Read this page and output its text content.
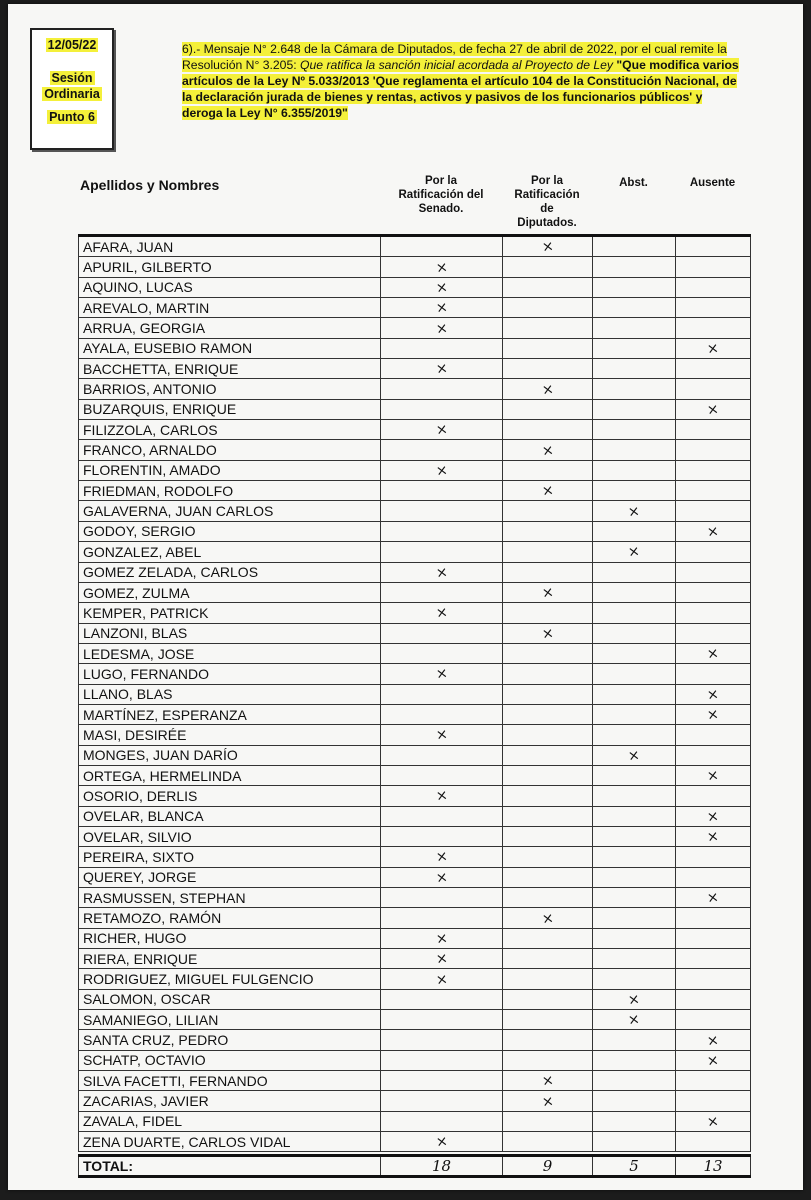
12/05/22
Sesión
Ordinaria
Punto 6
6).- Mensaje N° 2.648 de la Cámara de Diputados, de fecha 27 de abril de 2022, por el cual remite la Resolución N° 3.205: Que ratifica la sanción inicial acordada al Proyecto de Ley "Que modifica varios artículos de la Ley Nº 5.033/2013 'Que reglamenta el artículo 104 de la Constitución Nacional, de la declaración jurada de bienes y rentas, activos y pasivos de los funcionarios públicos' y deroga la Ley N° 6.355/2019"
Apellidos y Nombres	Por la
Ratificación del
Senado.
Por la
Ratificación
de
Diputados.
Abst.	Ausente
AFARA, JUAN		×		
APURIL, GILBERTO	×			
AQUINO, LUCAS	×			
AREVALO, MARTIN	×			
ARRUA, GEORGIA	×			
AYALA, EUSEBIO RAMON				×
BACCHETTA, ENRIQUE	×			
BARRIOS, ANTONIO		×		
BUZARQUIS, ENRIQUE				×
FILIZZOLA, CARLOS	×			
FRANCO, ARNALDO		×		
FLORENTIN, AMADO	×			
FRIEDMAN, RODOLFO		×		
GALAVERNA, JUAN CARLOS			×	
GODOY, SERGIO				×
GONZALEZ, ABEL			×	
GOMEZ ZELADA, CARLOS	×			
GOMEZ, ZULMA		×		
KEMPER, PATRICK	×			
LANZONI, BLAS		×		
LEDESMA, JOSE				×
LUGO, FERNANDO	×			
LLANO, BLAS				×
MARTÍNEZ, ESPERANZA				×
MASI, DESIRÉE	×			
MONGES, JUAN DARÍO			×	
ORTEGA, HERMELINDA				×
OSORIO, DERLIS	×			
OVELAR, BLANCA				×
OVELAR, SILVIO				×
PEREIRA, SIXTO	×			
QUEREY, JORGE	×			
RASMUSSEN, STEPHAN				×
RETAMOZO, RAMÓN		×		
RICHER, HUGO	×			
RIERA, ENRIQUE	×			
RODRIGUEZ, MIGUEL FULGENCIO	×			
SALOMON, OSCAR			×	
SAMANIEGO, LILIAN			×	
SANTA CRUZ, PEDRO				×
SCHATP, OCTAVIO				×
SILVA FACETTI, FERNANDO		×		
ZACARIAS, JAVIER		×		
ZAVALA, FIDEL				×
ZENA DUARTE, CARLOS VIDAL	×			
TOTAL:	18	9	5	13
